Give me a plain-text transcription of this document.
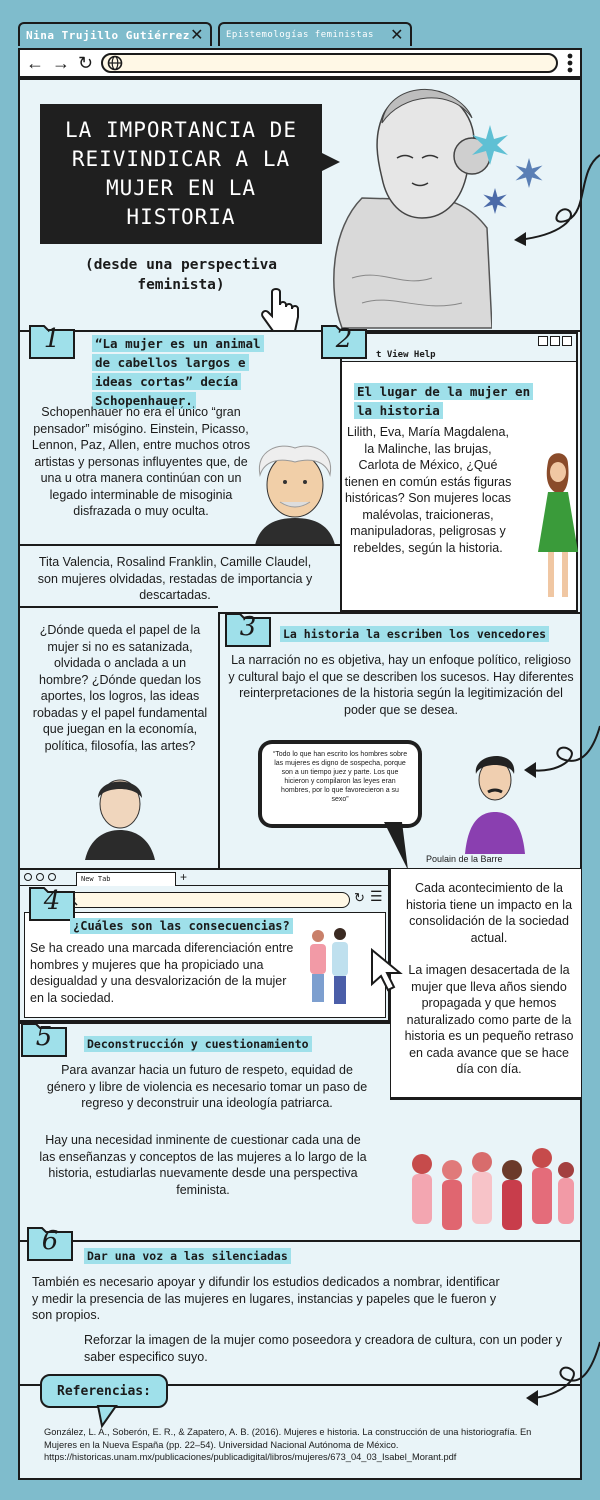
Nina Trujillo Gutiérrez ✕ Epistemologías feministas ✕
← → ↻
LA IMPORTANCIA DE REIVINDICAR A LA MUJER EN LA HISTORIA
(desde una perspectiva feminista)
1	“La mujer es un animal de cabellos largos e ideas cortas” decía Schopenhauer.
Schopenhauer no era el único “gran pensador” misógino. Einstein, Picasso, Lennon, Paz, Allen, entre muchos otros artistas y personas influyentes que, de una u otra manera continúan con un legado interminable de misoginia disfrazada o muy oculta.
Tita Valencia, Rosalind Franklin, Camille Claudel, son mujeres olvidadas, restadas de importancia y descartadas.
¿Dónde queda el papel de la mujer si no es satanizada, olvidada o anclada a un hombre? ¿Dónde quedan los aportes, los logros, las ideas robadas y el papel fundamental que juegan en la economía, política, filosofía, las artes?
t View Help
El lugar de la mujer en la historia
Lilith, Eva, María Magdalena, la Malinche, las brujas, Carlota de México, ¿Qué tienen en común estás figuras históricas? Son mujeres locas malévolas, traicioneras, manipuladoras, peligrosas y rebeldes, según la historia.
2
3	La historia la escriben los vencedores
La narración no es objetiva, hay un enfoque político, religioso y cultural bajo el que se describen los sucesos. Hay diferentes reinterpretaciones de la historia según la legitimización del poder que se desea.
“Todo lo que han escrito los hombres sobre las mujeres es digno de sospecha, porque son a un tiempo juez y parte. Los que hicieron y compilaron las leyes eran hombres, por lo que favorecieron a su sexo”
Poulain de la Barre
Cada acontecimiento de la historia tiene un impacto en la consolidación de la sociedad actual.
La imagen desacertada de la mujer que lleva años siendo propagada y que hemos naturalizado como parte de la historia es un pequeño retraso en cada avance que se hace día con día.
New Tab	+
↻ ☰
4
¿Cuáles son las consecuencias?
Se ha creado una marcada diferenciación entre hombres y mujeres que ha propiciado una desigualdad y una desvalorización de la mujer en la sociedad.
5	Deconstrucción y cuestionamiento
Para avanzar hacia un futuro de respeto, equidad de género y libre de violencia es necesario tomar un paso de regreso y deconstruir una ideología patriarca.
Hay una necesidad inminente de cuestionar cada una de las enseñanzas y conceptos de las mujeres a lo largo de la historia, estudiarlas nuevamente desde una perspectiva feminista.
6	Dar una voz a las silenciadas
También es necesario apoyar y difundir los estudios dedicados a nombrar, identificar y medir la presencia de las mujeres en lugares, instancias y papeles que le fueron y son propios.
Reforzar la imagen de la mujer como poseedora y creadora de cultura, con un poder y saber especifico suyo.
Referencias:
González, L. A., Soberón, E. R., & Zapatero, A. B. (2016). Mujeres e historia. La construcción de una historiografía. En Mujeres en la Nueva España (pp. 22–54). Universidad Nacional Autónoma de México. https://historicas.unam.mx/publicaciones/publicadigital/libros/mujeres/673_04_03_Isabel_Morant.pdf
